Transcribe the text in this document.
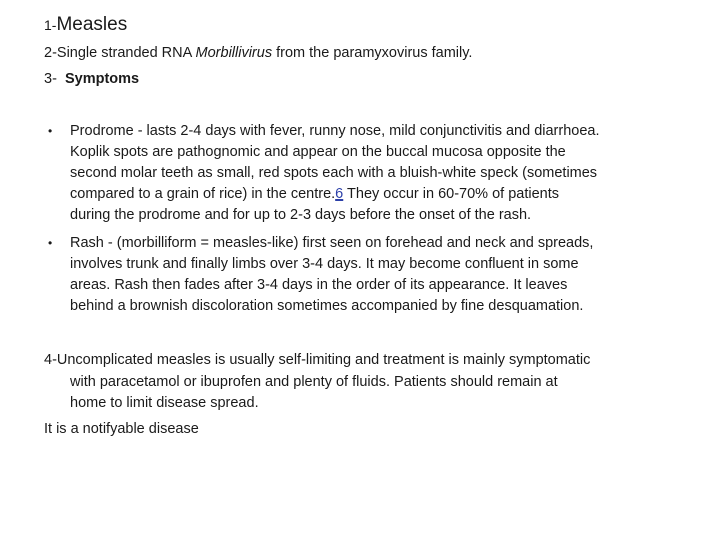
1-Measles
2-Single stranded RNA Morbillivirus from the paramyxovirus family.
3- Symptoms
• Prodrome - lasts 2-4 days with fever, runny nose, mild conjunctivitis and diarrhoea.
Koplik spots are pathognomic and appear on the buccal mucosa opposite the
second molar teeth as small, red spots each with a bluish-white speck (sometimes
compared to a grain of rice) in the centre.6 They occur in 60-70% of patients
during the prodrome and for up to 2-3 days before the onset of the rash.
• Rash - (morbilliform = measles-like) first seen on forehead and neck and spreads,
involves trunk and finally limbs over 3-4 days. It may become confluent in some
areas. Rash then fades after 3-4 days in the order of its appearance. It leaves
behind a brownish discoloration sometimes accompanied by fine desquamation.
4-Uncomplicated measles is usually self-limiting and treatment is mainly symptomatic
with paracetamol or ibuprofen and plenty of fluids. Patients should remain at
home to limit disease spread.
It is a notifyable disease
